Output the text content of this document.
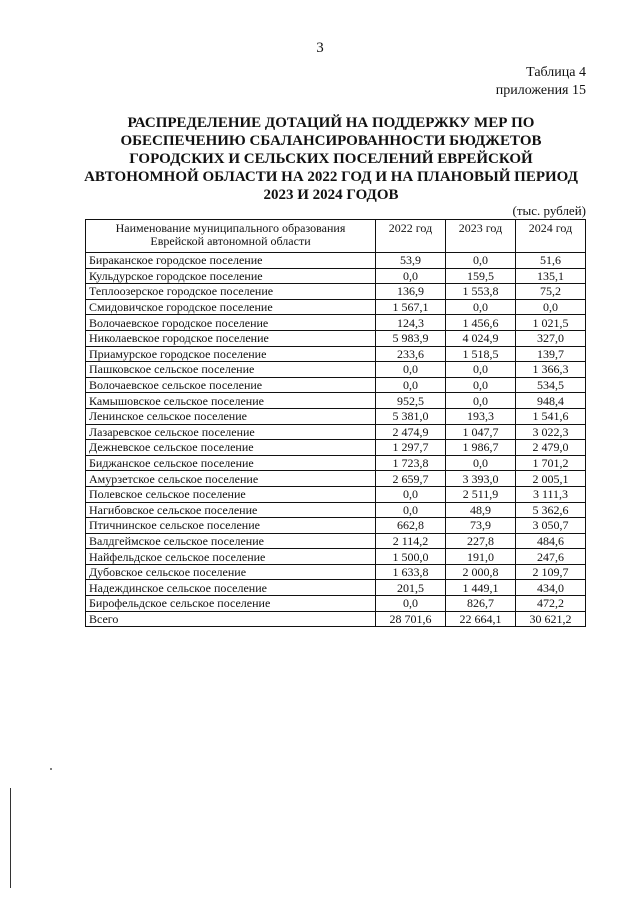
3
Таблица 4
приложения 15
РАСПРЕДЕЛЕНИЕ ДОТАЦИЙ НА ПОДДЕРЖКУ МЕР ПО ОБЕСПЕЧЕНИЮ СБАЛАНСИРОВАННОСТИ БЮДЖЕТОВ ГОРОДСКИХ И СЕЛЬСКИХ ПОСЕЛЕНИЙ ЕВРЕЙСКОЙ АВТОНОМНОЙ ОБЛАСТИ НА 2022 ГОД И НА ПЛАНОВЫЙ ПЕРИОД 2023 И 2024 ГОДОВ
(тыс. рублей)
Наименование муниципального образования Еврейской автономной области	2022 год	2023 год	2024 год
Бираканское городское поселение	53,9	0,0	51,6
Кульдурское городское поселение	0,0	159,5	135,1
Теплоозерское городское поселение	136,9	1 553,8	75,2
Смидовичское городское поселение	1 567,1	0,0	0,0
Волочаевское городское поселение	124,3	1 456,6	1 021,5
Николаевское городское поселение	5 983,9	4 024,9	327,0
Приамурское городское поселение	233,6	1 518,5	139,7
Пашковское сельское поселение	0,0	0,0	1 366,3
Волочаевское сельское поселение	0,0	0,0	534,5
Камышовское сельское поселение	952,5	0,0	948,4
Ленинское сельское поселение	5 381,0	193,3	1 541,6
Лазаревское сельское поселение	2 474,9	1 047,7	3 022,3
Дежневское сельское поселение	1 297,7	1 986,7	2 479,0
Биджанское сельское поселение	1 723,8	0,0	1 701,2
Амурзетское сельское поселение	2 659,7	3 393,0	2 005,1
Полевское сельское поселение	0,0	2 511,9	3 111,3
Нагибовское сельское поселение	0,0	48,9	5 362,6
Птичнинское сельское поселение	662,8	73,9	3 050,7
Валдгеймское сельское поселение	2 114,2	227,8	484,6
Найфельдское сельское поселение	1 500,0	191,0	247,6
Дубовское сельское поселение	1 633,8	2 000,8	2 109,7
Надеждинское сельское поселение	201,5	1 449,1	434,0
Бирофельдское сельское поселение	0,0	826,7	472,2
Всего	28 701,6	22 664,1	30 621,2
